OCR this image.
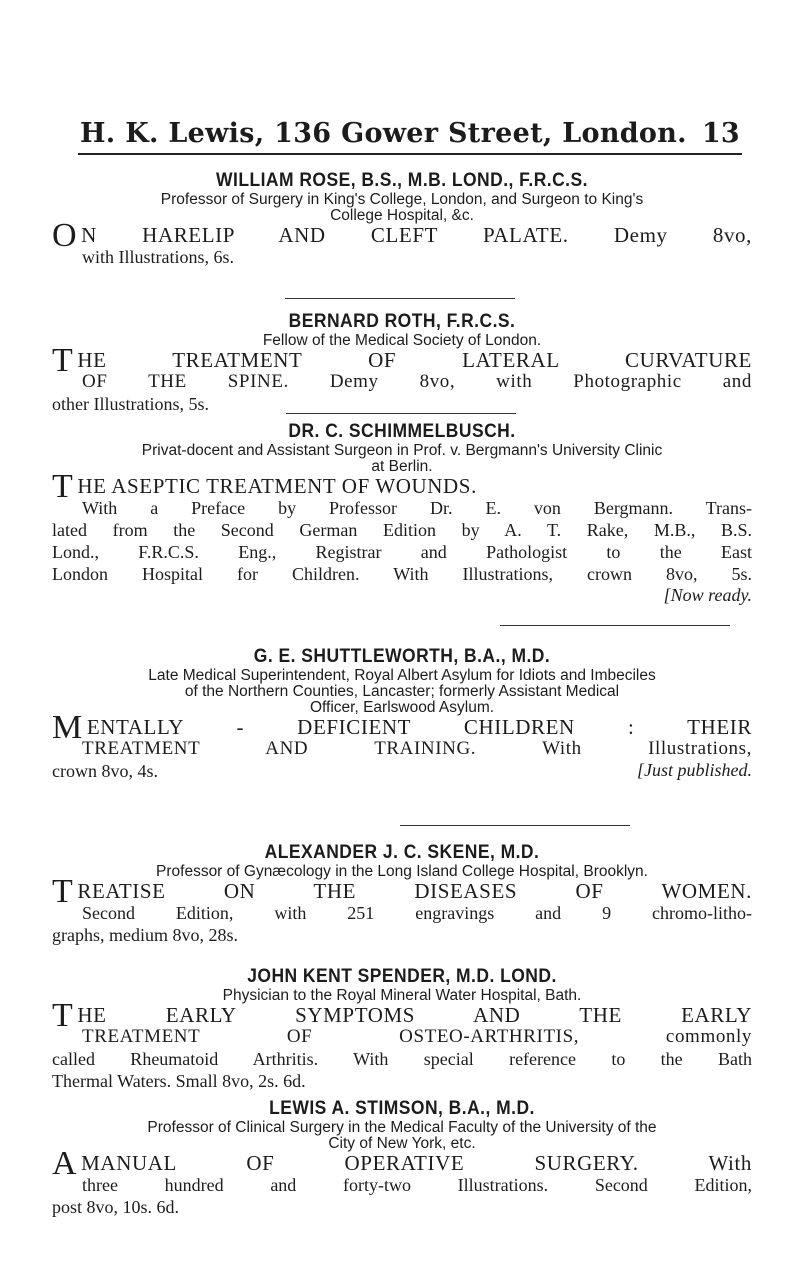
H. K. Lewis, 136 Gower Street, London. 13
WILLIAM ROSE, B.S., M.B. LOND., F.R.C.S.
Professor of Surgery in King's College, London, and Surgeon to King's
College Hospital, &c.
O N HARELIP AND CLEFT PALATE. Demy 8vo,
with Illustrations, 6s.
BERNARD ROTH, F.R.C.S.
Fellow of the Medical Society of London.
T HE TREATMENT OF LATERAL CURVATURE
OF THE SPINE. Demy 8vo, with Photographic and
other Illustrations, 5s.
DR. C. SCHIMMELBUSCH.
Privat-docent and Assistant Surgeon in Prof. v. Bergmann's University Clinic
at Berlin.
T HE ASEPTIC TREATMENT OF WOUNDS.
With a Preface by Professor Dr. E. von Bergmann. Trans-
lated from the Second German Edition by A. T. Rake, M.B., B.S.
Lond., F.R.C.S. Eng., Registrar and Pathologist to the East
London Hospital for Children. With Illustrations, crown 8vo, 5s.
[Now ready.
G. E. SHUTTLEWORTH, B.A., M.D.
Late Medical Superintendent, Royal Albert Asylum for Idiots and Imbeciles
of the Northern Counties, Lancaster; formerly Assistant Medical
Officer, Earlswood Asylum.
M ENTALLY - DEFICIENT CHILDREN : THEIR
TREATMENT AND TRAINING. With Illustrations,
crown 8vo, 4s.	[Just published.
ALEXANDER J. C. SKENE, M.D.
Professor of Gynæcology in the Long Island College Hospital, Brooklyn.
T REATISE ON THE DISEASES OF WOMEN.
Second Edition, with 251 engravings and 9 chromo-litho-
graphs, medium 8vo, 28s.
JOHN KENT SPENDER, M.D. LOND.
Physician to the Royal Mineral Water Hospital, Bath.
T HE EARLY SYMPTOMS AND THE EARLY
TREATMENT OF OSTEO-ARTHRITIS, commonly
called Rheumatoid Arthritis. With special reference to the Bath
Thermal Waters. Small 8vo, 2s. 6d.
LEWIS A. STIMSON, B.A., M.D.
Professor of Clinical Surgery in the Medical Faculty of the University of the
City of New York, etc.
A MANUAL OF OPERATIVE SURGERY. With
three hundred and forty-two Illustrations. Second Edition,
post 8vo, 10s. 6d.
